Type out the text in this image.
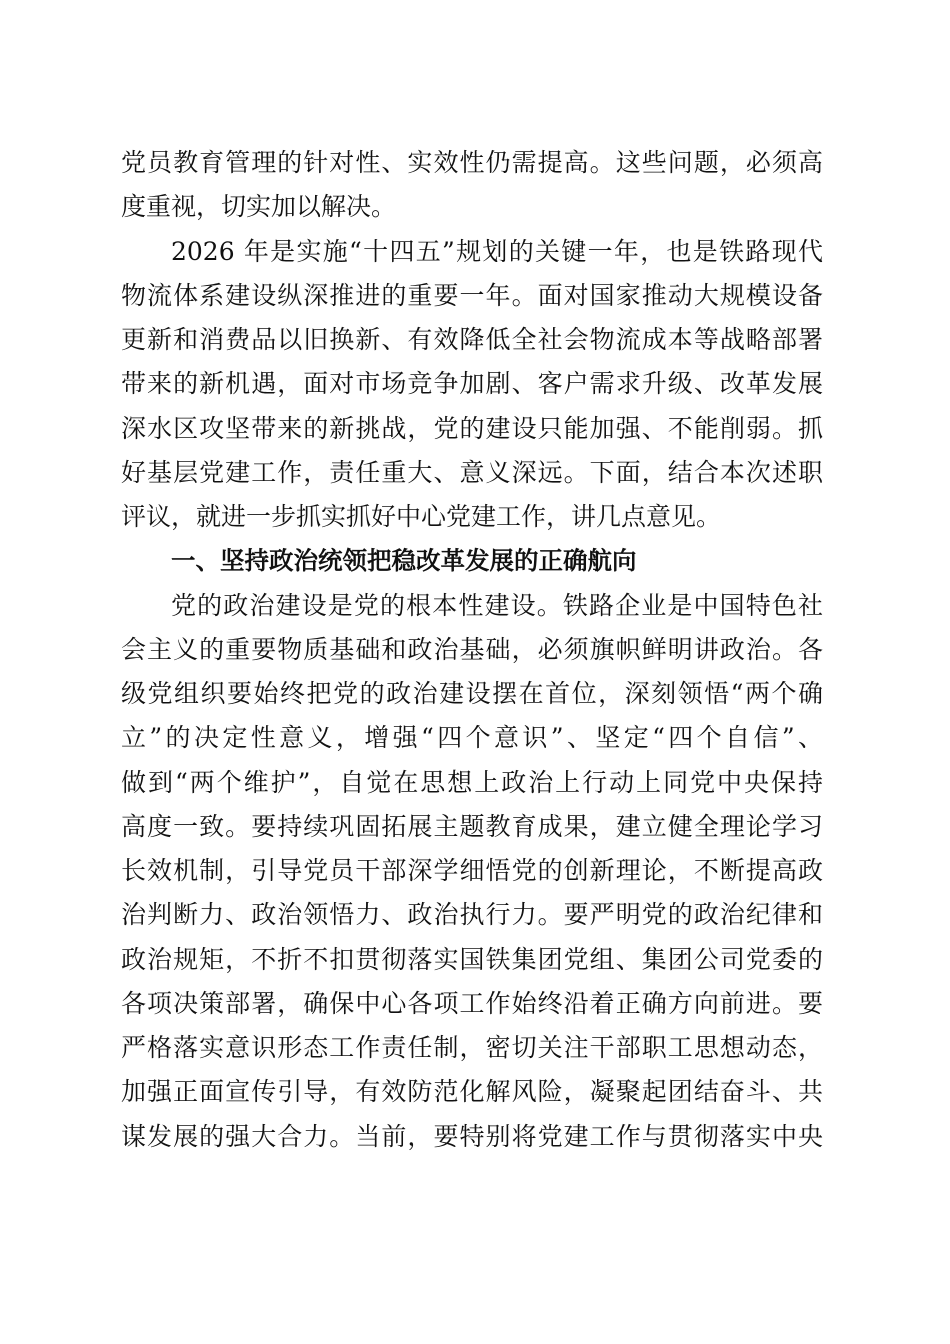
党员教育管理的针对性、实效性仍需提高。这些问题，必须高
度重视，切实加以解决。
2026 年是实施“十四五”规划的关键一年，也是铁路现代
物流体系建设纵深推进的重要一年。面对国家推动大规模设备
更新和消费品以旧换新、有效降低全社会物流成本等战略部署
带来的新机遇，面对市场竞争加剧、客户需求升级、改革发展
深水区攻坚带来的新挑战，党的建设只能加强、不能削弱。抓
好基层党建工作，责任重大、意义深远。下面，结合本次述职
评议，就进一步抓实抓好中心党建工作，讲几点意见。
一、坚持政治统领把稳改革发展的正确航向
党的政治建设是党的根本性建设。铁路企业是中国特色社
会主义的重要物质基础和政治基础，必须旗帜鲜明讲政治。各
级党组织要始终把党的政治建设摆在首位，深刻领悟“两个确
立”的决定性意义，增强“四个意识”、坚定“四个自信”、
做到“两个维护”，自觉在思想上政治上行动上同党中央保持
高度一致。要持续巩固拓展主题教育成果，建立健全理论学习
长效机制，引导党员干部深学细悟党的创新理论，不断提高政
治判断力、政治领悟力、政治执行力。要严明党的政治纪律和
政治规矩，不折不扣贯彻落实国铁集团党组、集团公司党委的
各项决策部署，确保中心各项工作始终沿着正确方向前进。要
严格落实意识形态工作责任制，密切关注干部职工思想动态，
加强正面宣传引导，有效防范化解风险，凝聚起团结奋斗、共
谋发展的强大合力。当前，要特别将党建工作与贯彻落实中央
